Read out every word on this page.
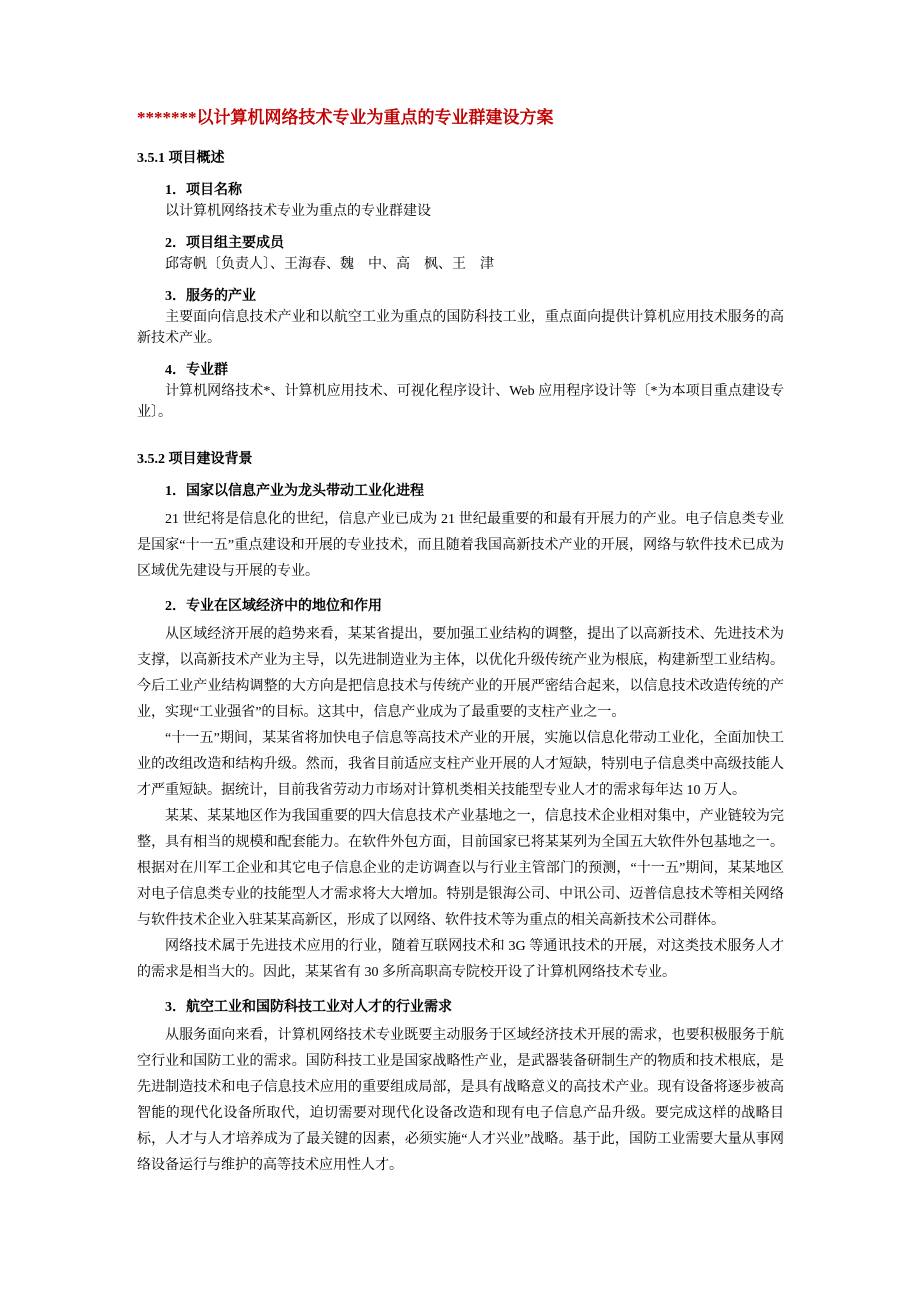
*******以计算机网络技术专业为重点的专业群建设方案
3.5.1 项目概述
1．项目名称
以计算机网络技术专业为重点的专业群建设
2．项目组主要成员
邱寄帆〔负责人〕、王海春、魏　中、高　枫、王　津
3．服务的产业
主要面向信息技术产业和以航空工业为重点的国防科技工业，重点面向提供计算机应用技术服务的高新技术产业。
4．专业群
计算机网络技术*、计算机应用技术、可视化程序设计、Web 应用程序设计等〔*为本项目重点建设专业〕。
3.5.2 项目建设背景
1．国家以信息产业为龙头带动工业化进程

21 世纪将是信息化的世纪，信息产业已成为 21 世纪最重要的和最有开展力的产业。电子信息类专业是国家“十一五”重点建设和开展的专业技术，而且随着我国高新技术产业的开展，网络与软件技术已成为区域优先建设与开展的专业。

2．专业在区域经济中的地位和作用

从区域经济开展的趋势来看，某某省提出，要加强工业结构的调整，提出了以高新技术、先进技术为支撑，以高新技术产业为主导，以先进制造业为主体，以优化升级传统产业为根底，构建新型工业结构。今后工业产业结构调整的大方向是把信息技术与传统产业的开展严密结合起来，以信息技术改造传统的产业，实现“工业强省”的目标。这其中，信息产业成为了最重要的支柱产业之一。

“十一五”期间，某某省将加快电子信息等高技术产业的开展，实施以信息化带动工业化，全面加快工业的改组改造和结构升级。然而，我省目前适应支柱产业开展的人才短缺，特别电子信息类中高级技能人才严重短缺。据统计，目前我省劳动力市场对计算机类相关技能型专业人才的需求每年达 10 万人。

某某、某某地区作为我国重要的四大信息技术产业基地之一，信息技术企业相对集中，产业链较为完整，具有相当的规模和配套能力。在软件外包方面，目前国家已将某某列为全国五大软件外包基地之一。根据对在川军工企业和其它电子信息企业的走访调查以与行业主管部门的预测，“十一五”期间，某某地区对电子信息类专业的技能型人才需求将大大增加。特别是银海公司、中讯公司、迈普信息技术等相关网络与软件技术企业入驻某某高新区，形成了以网络、软件技术等为重点的相关高新技术公司群体。

网络技术属于先进技术应用的行业，随着互联网技术和 3G 等通讯技术的开展，对这类技术服务人才的需求是相当大的。因此，某某省有 30 多所高职高专院校开设了计算机网络技术专业。

3．航空工业和国防科技工业对人才的行业需求

从服务面向来看，计算机网络技术专业既要主动服务于区域经济技术开展的需求，也要积极服务于航空行业和国防工业的需求。国防科技工业是国家战略性产业，是武器装备研制生产的物质和技术根底，是先进制造技术和电子信息技术应用的重要组成局部，是具有战略意义的高技术产业。现有设备将逐步被高智能的现代化设备所取代，迫切需要对现代化设备改造和现有电子信息产品升级。要完成这样的战略目标，人才与人才培养成为了最关键的因素，必须实施“人才兴业”战略。基于此，国防工业需要大量从事网络设备运行与维护的高等技术应用性人才。
